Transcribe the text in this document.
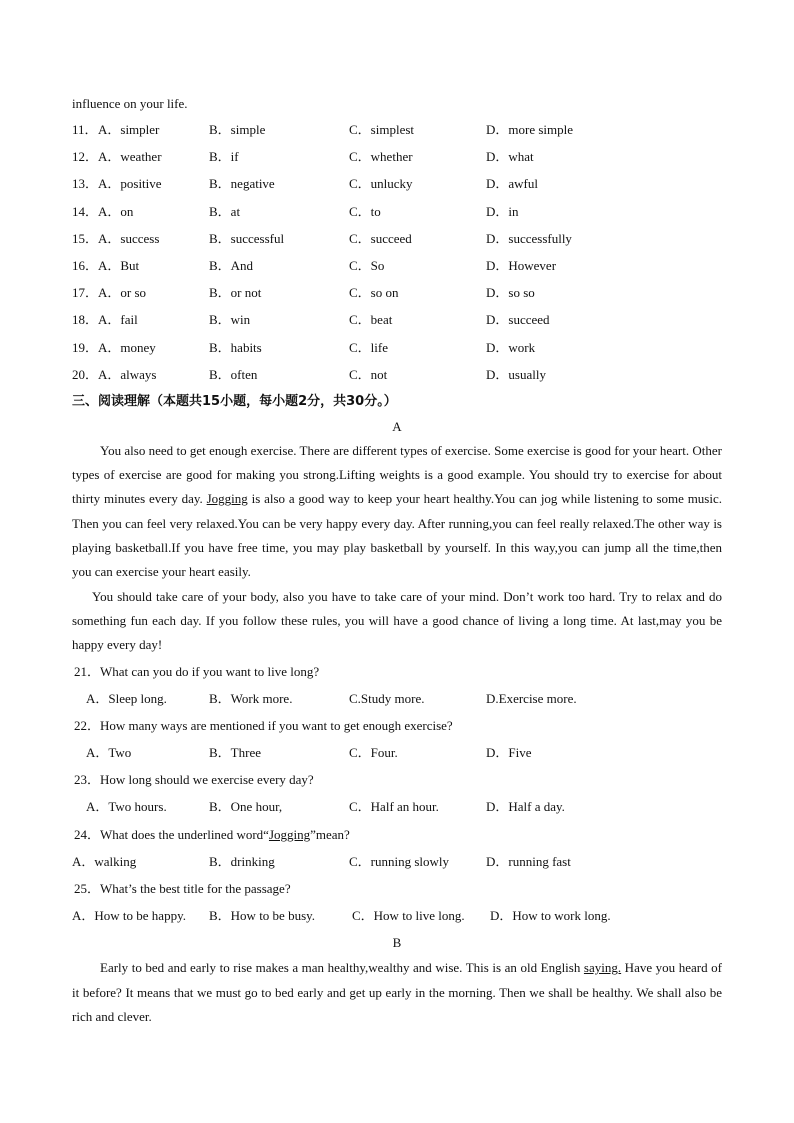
influence on your life.
11． A．simpler	B．simple	C．simplest	D．more simple
12． A．weather	B．if	C．whether	D．what
13． A．positive	B．negative	C．unlucky	D．awful
14． A．on	B．at	C．to	D．in
15． A．success	B．successful	C．succeed	D．successfully
16． A．But	B．And	C．So	D．However
17． A．or so	B．or not	C．so on	D．so so
18． A．fail	B．win	C．beat	D．succeed
19． A．money	B．habits	C．life	D．work
20． A．always	B．often	C．not	D．usually
三、阅读理解（本题共15小题，每小题2分，共30分。）
A
You also need to get enough exercise. There are different types of exercise. Some exercise is good for your heart. Other types of exercise are good for making you strong.Lifting weights is a good example. You should try to exercise for about thirty minutes every day. Jogging is also a good way to keep your heart healthy.You can jog while listening to some music. Then you can feel very relaxed.You can be very happy every day. After running,you can feel really relaxed.The other way is playing basketball.If you have free time, you may play basketball by yourself. In this way,you can jump all the time,then you can exercise your heart easily.
You should take care of your body, also you have to take care of your mind. Don’t work too hard. Try to relax and do something fun each day. If you follow these rules, you will have a good chance of living a long time. At last,may you be happy every day!
21．What can you do if you want to live long?
A．Sleep long.	B．Work more.	C.Study more.	D.Exercise more.
22．How many ways are mentioned if you want to get enough exercise?
A．Two	B．Three	C．Four.	D．Five
23．How long should we exercise every day?
A．Two hours.	B．One hour,	C．Half an hour.	D．Half a day.
24．What does the underlined word“Jogging”mean?
A．walking	B．drinking	C．running slowly	D．running fast
25．What’s the best title for the passage?
A．How to be happy. B．How to be busy.	C．How to live long. D．How to work long.
B
Early to bed and early to rise makes a man healthy,wealthy and wise. This is an old English saying. Have you heard of it before? It means that we must go to bed early and get up early in the morning. Then we shall be healthy. We shall also be rich and clever.
